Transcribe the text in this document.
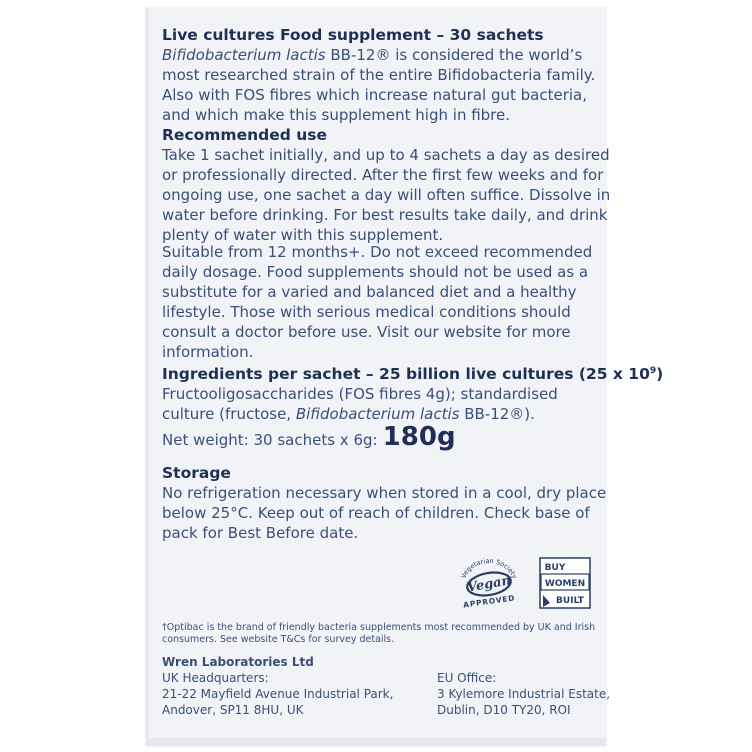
Live cultures Food supplement – 30 sachets
Bifidobacterium lactis BB-12® is considered the world’s
most researched strain of the entire Bifidobacteria family.
Also with FOS fibres which increase natural gut bacteria,
and which make this supplement high in fibre.
Recommended use
Take 1 sachet initially, and up to 4 sachets a day as desired
or professionally directed. After the first few weeks and for
ongoing use, one sachet a day will often suffice. Dissolve in
water before drinking. For best results take daily, and drink
plenty of water with this supplement.
Suitable from 12 months+. Do not exceed recommended
daily dosage. Food supplements should not be used as a
substitute for a varied and balanced diet and a healthy
lifestyle. Those with serious medical conditions should
consult a doctor before use. Visit our website for more
information.
Ingredients per sachet – 25 billion live cultures (25 x $10^9$)
Fructooligosaccharides (FOS fibres 4g); standardised
culture (fructose, Bifidobacterium lactis BB-12®).
Net weight: 30 sachets x 6g: 180g
Storage
No refrigeration necessary when stored in a cool, dry place
below 25°C. Keep out of reach of children. Check base of
pack for Best Before date.
Vegetarian Society
Vegan
APPROVED
BUY
WOMEN
BUILT
†Optibac is the brand of friendly bacteria supplements most recommended by UK and Irish
consumers. See website T&Cs for survey details.
Wren Laboratories Ltd
UK Headquarters:
21-22 Mayfield Avenue Industrial Park,
Andover, SP11 8HU, UK
EU Office:
3 Kylemore Industrial Estate,
Dublin, D10 TY20, ROI
